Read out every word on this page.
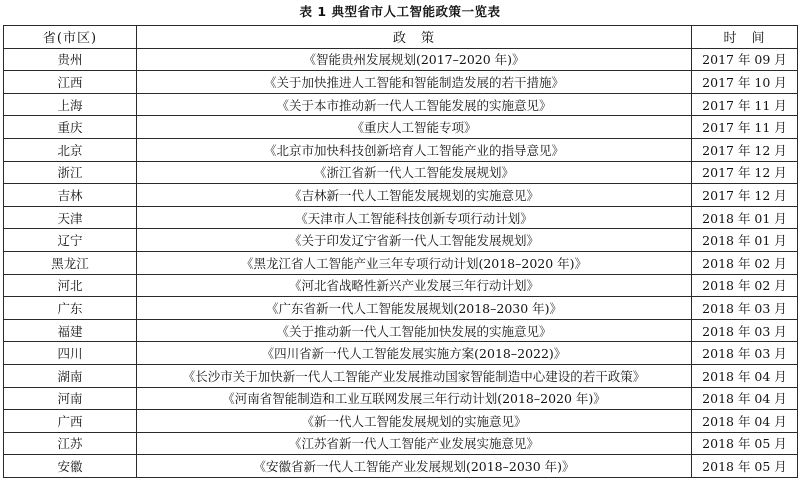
表 1 典型省市人工智能政策一览表
省(市区)	政　策	时　间
贵州	《智能贵州发展规划(2017–2020 年)》	2017 年 09 月
江西	《关于加快推进人工智能和智能制造发展的若干措施》	2017 年 10 月
上海	《关于本市推动新一代人工智能发展的实施意见》	2017 年 11 月
重庆	《重庆人工智能专项》	2017 年 11 月
北京	《北京市加快科技创新培育人工智能产业的指导意见》	2017 年 12 月
浙江	《浙江省新一代人工智能发展规划》	2017 年 12 月
吉林	《吉林新一代人工智能发展规划的实施意见》	2017 年 12 月
天津	《天津市人工智能科技创新专项行动计划》	2018 年 01 月
辽宁	《关于印发辽宁省新一代人工智能发展规划》	2018 年 01 月
黑龙江	《黑龙江省人工智能产业三年专项行动计划(2018–2020 年)》	2018 年 02 月
河北	《河北省战略性新兴产业发展三年行动计划》	2018 年 02 月
广东	《广东省新一代人工智能发展规划(2018–2030 年)》	2018 年 03 月
福建	《关于推动新一代人工智能加快发展的实施意见》	2018 年 03 月
四川	《四川省新一代人工智能发展实施方案(2018–2022)》	2018 年 03 月
湖南	《长沙市关于加快新一代人工智能产业发展推动国家智能制造中心建设的若干政策》	2018 年 04 月
河南	《河南省智能制造和工业互联网发展三年行动计划(2018–2020 年)》	2018 年 04 月
广西	《新一代人工智能发展规划的实施意见》	2018 年 04 月
江苏	《江苏省新一代人工智能产业发展实施意见》	2018 年 05 月
安徽	《安徽省新一代人工智能产业发展规划(2018–2030 年)》	2018 年 05 月
